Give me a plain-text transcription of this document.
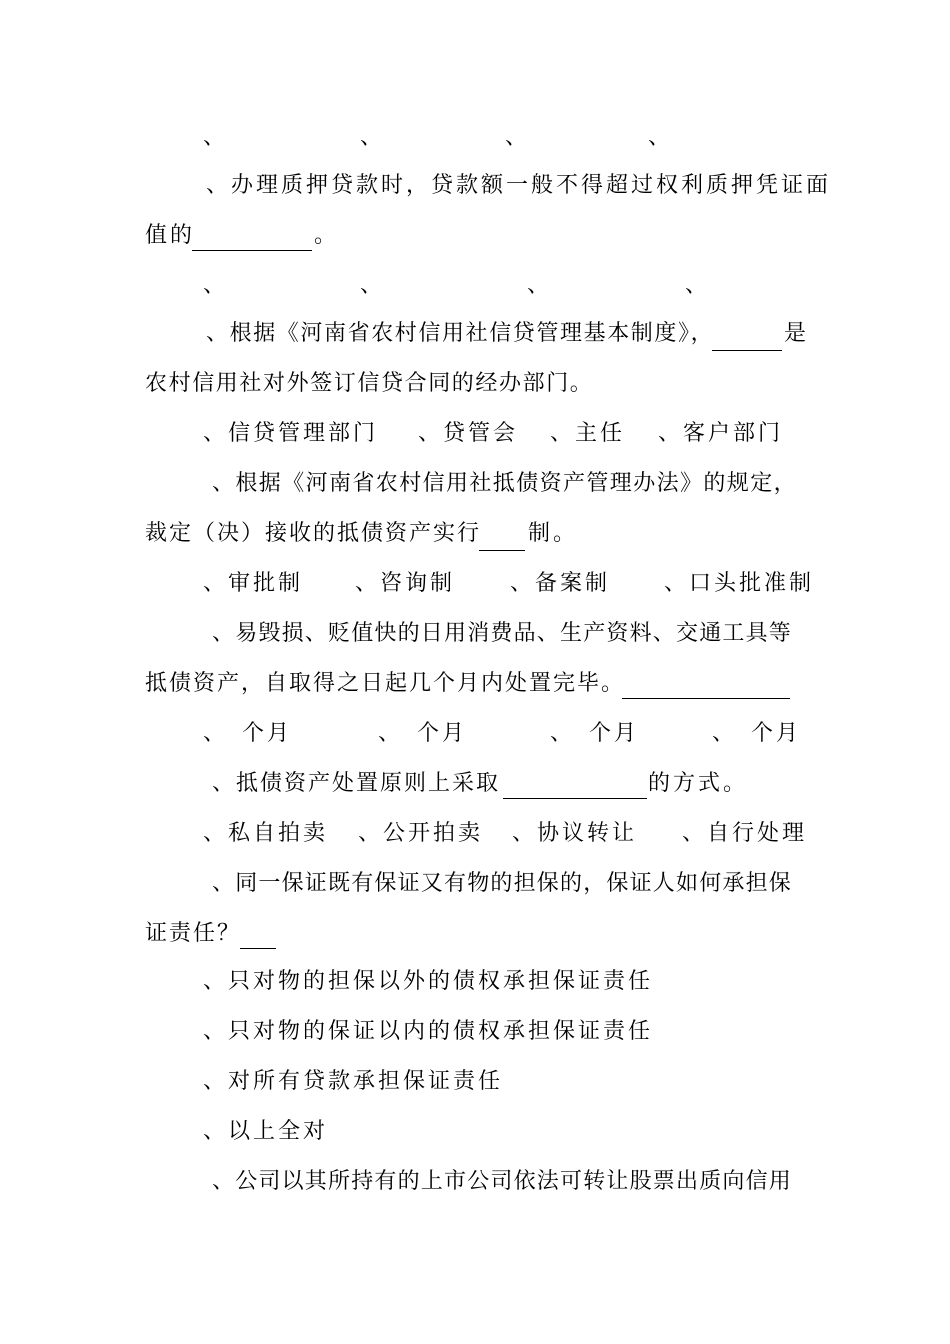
、	、	、	、
、办理质押贷款时，贷款额一般不得超过权利质押凭证面
值的	。
、	、	、	、
、根据《河南省农村信用社信贷管理基本制度》，	是
农村信用社对外签订信贷合同的经办部门。
、信贷管理部门 、贷管会 、主任 、客户部门
、根据《河南省农村信用社抵债资产管理办法》的规定，
裁定（决）接收的抵债资产实行 制。
、审批制 、咨询制 、备案制 、口头批准制
、易毁损、贬值快的日用消费品、生产资料、交通工具等
抵债资产，自取得之日起几个月内处置完毕。
、　个月	、　个月	、　个月	、　个月
、抵债资产处置原则上采取	的方式。
、私自拍卖 、公开拍卖 、协议转让 、自行处理
、同一保证既有保证又有物的担保的，保证人如何承担保
证责任？
、只对物的担保以外的债权承担保证责任
、只对物的保证以内的债权承担保证责任
、对所有贷款承担保证责任
、以上全对
、公司以其所持有的上市公司依法可转让股票出质向信用
